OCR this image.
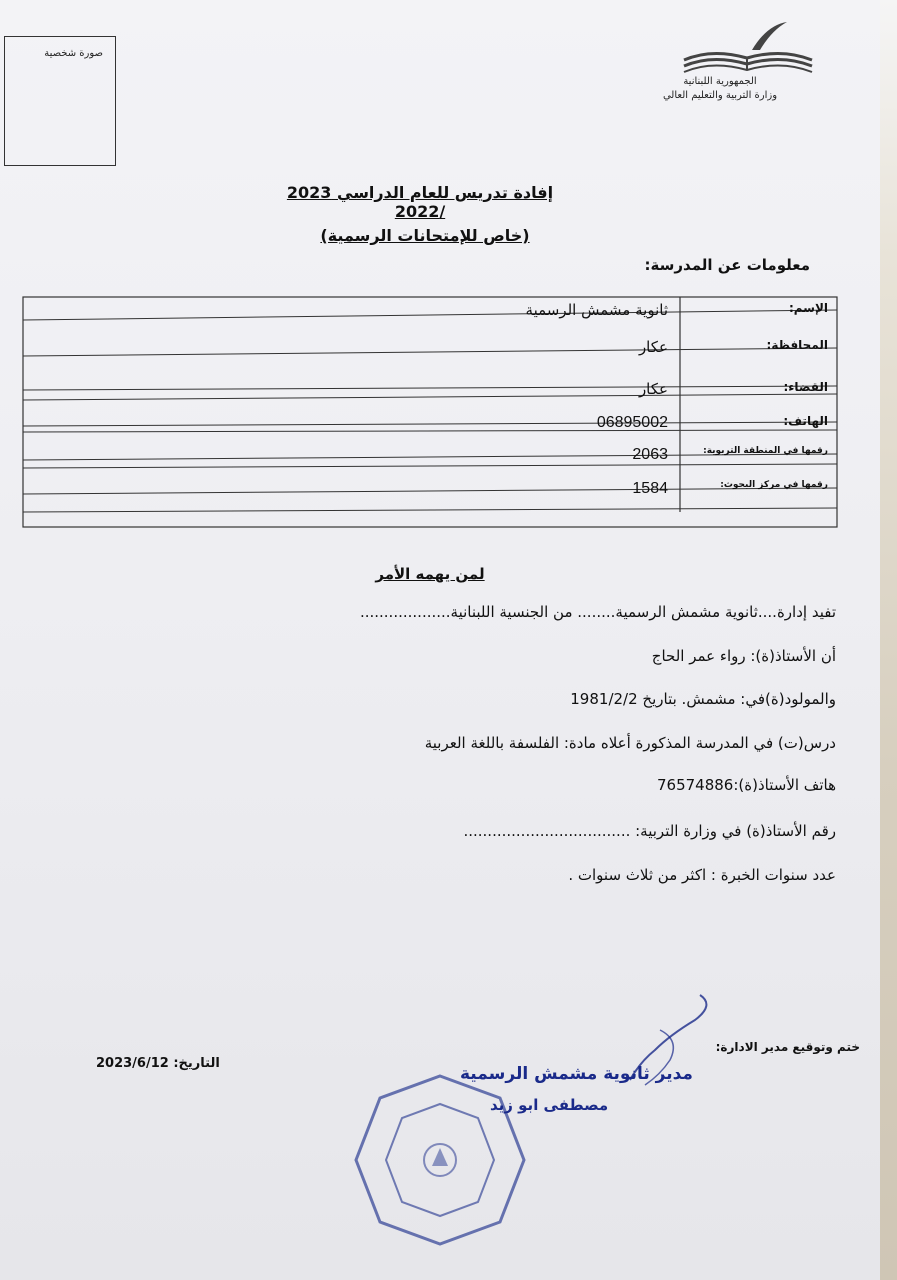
صورة شخصية
الجمهورية اللبنانية
وزارة التربية والتعليم العالي
إفادة تدريس للعام الدراسي 2023 /2022
(خاص للإمتحانات الرسمية)
معلومات عن المدرسة:
الإسم:
ثانوية مشمش الرسمية
المحافظة:
عكار
القضاء:
عكار
الهاتف:
06895002
رقمها في المنطقة التربوية:
2063
رقمها في مركز البحوث:
1584
لمن يهمه الأمر
تفيد إدارة....ثانوية مشمش الرسمية........ من الجنسية اللبنانية...................
أن الأستاذ(ة): رواء عمر الحاج
والمولود(ة)في: مشمش. بتاريخ 1981/2/2
درس(ت) في المدرسة المذكورة أعلاه مادة: الفلسفة باللغة العربية
هاتف الأستاذ(ة):76574886
رقم الأستاذ(ة) في وزارة التربية: ...................................
عدد سنوات الخبرة : اكثر من ثلاث سنوات .
ختم وتوقيع مدير الادارة:
التاريخ: 2023/6/12
مدير ثانوية مشمش الرسمية
مصطفى ابو زيد
